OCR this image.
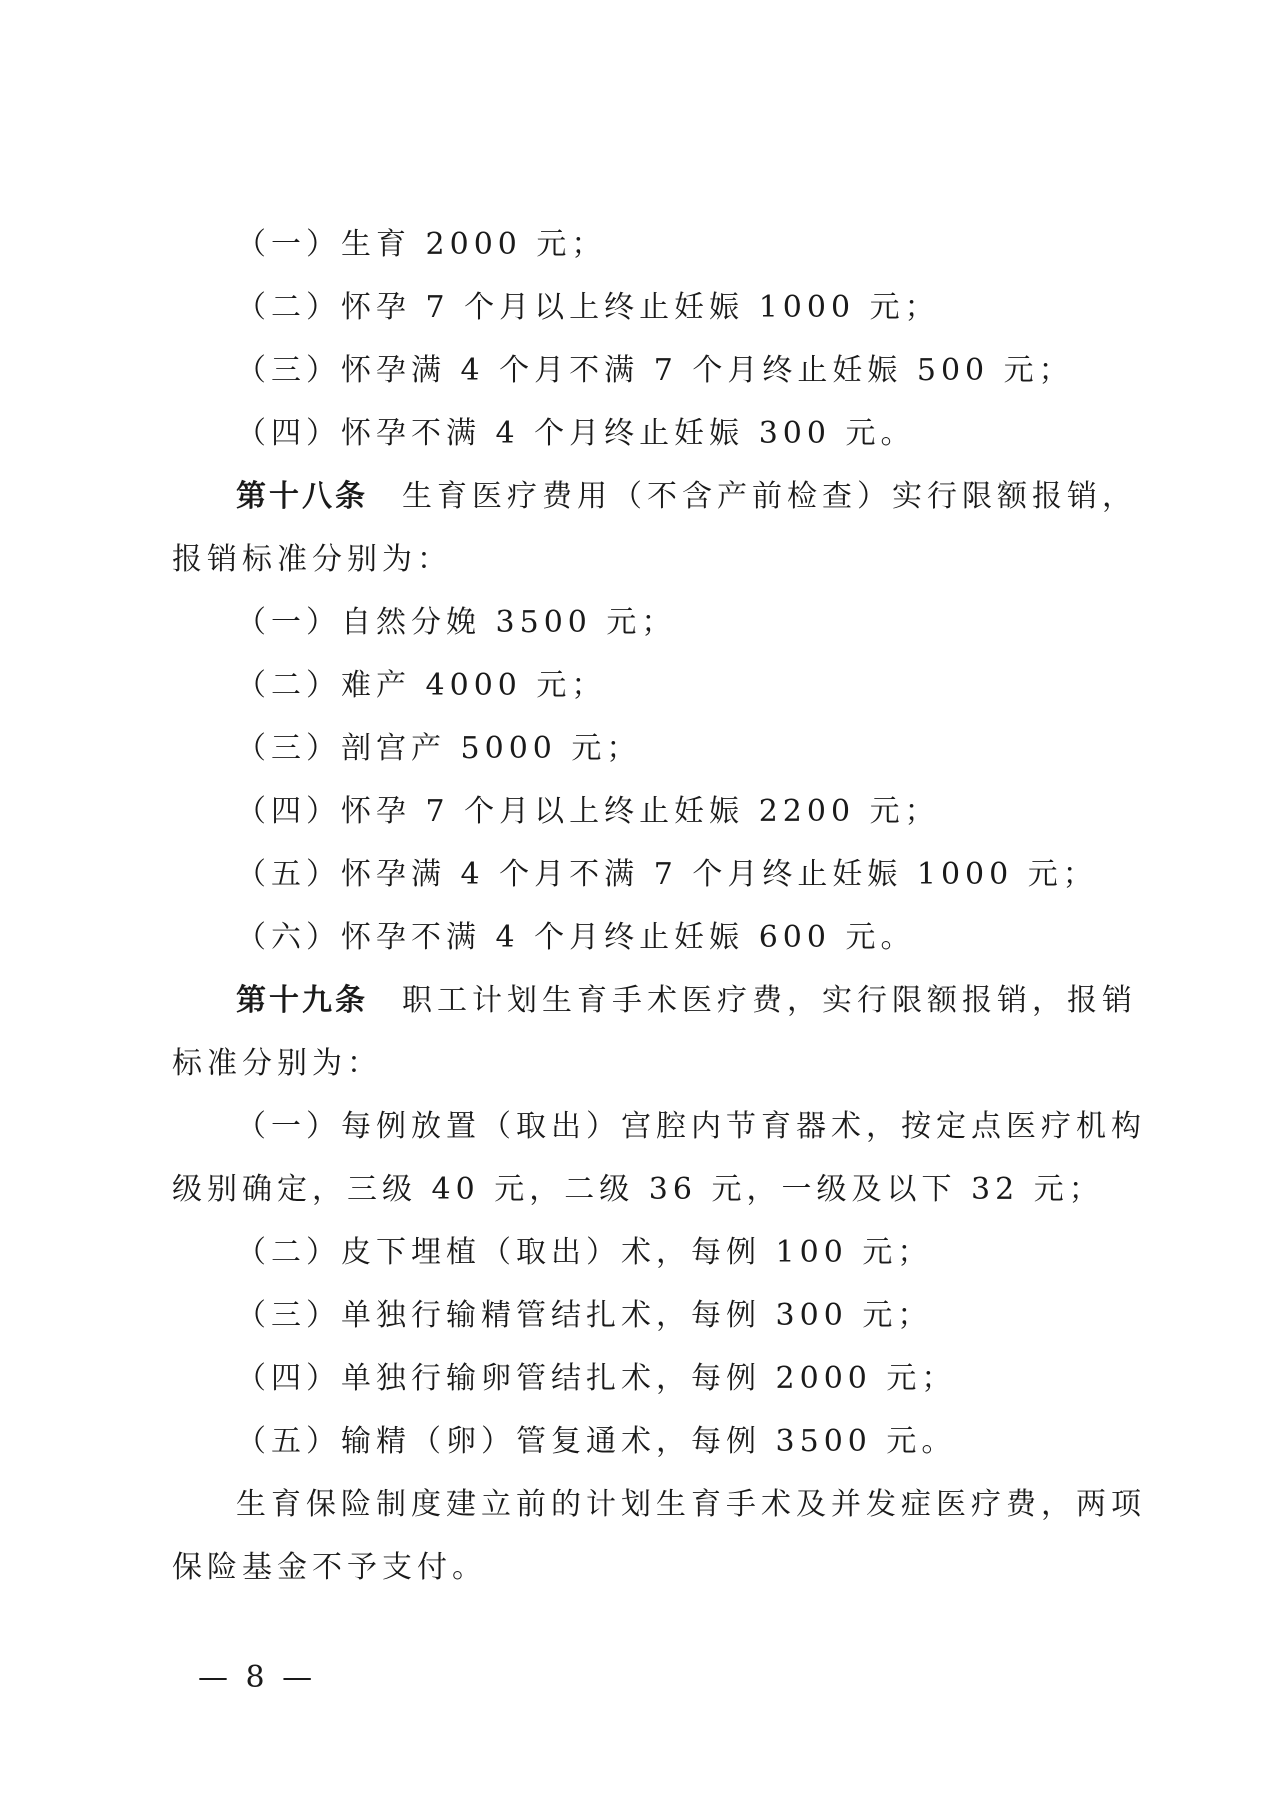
（一）生育 2000 元；
（二）怀孕 7 个月以上终止妊娠 1000 元；
（三）怀孕满 4 个月不满 7 个月终止妊娠 500 元；
（四）怀孕不满 4 个月终止妊娠 300 元。
第十八条 生育医疗费用（不含产前检查）实行限额报销，
报销标准分别为：
（一）自然分娩 3500 元；
（二）难产 4000 元；
（三）剖宫产 5000 元；
（四）怀孕 7 个月以上终止妊娠 2200 元；
（五）怀孕满 4 个月不满 7 个月终止妊娠 1000 元；
（六）怀孕不满 4 个月终止妊娠 600 元。
第十九条 职工计划生育手术医疗费，实行限额报销，报销
标准分别为：
（一）每例放置（取出）宫腔内节育器术，按定点医疗机构
级别确定，三级 40 元，二级 36 元，一级及以下 32 元；
（二）皮下埋植（取出）术，每例 100 元；
（三）单独行输精管结扎术，每例 300 元；
（四）单独行输卵管结扎术，每例 2000 元；
（五）输精（卵）管复通术，每例 3500 元。
生育保险制度建立前的计划生育手术及并发症医疗费，两项
保险基金不予支付。
— 8 —
